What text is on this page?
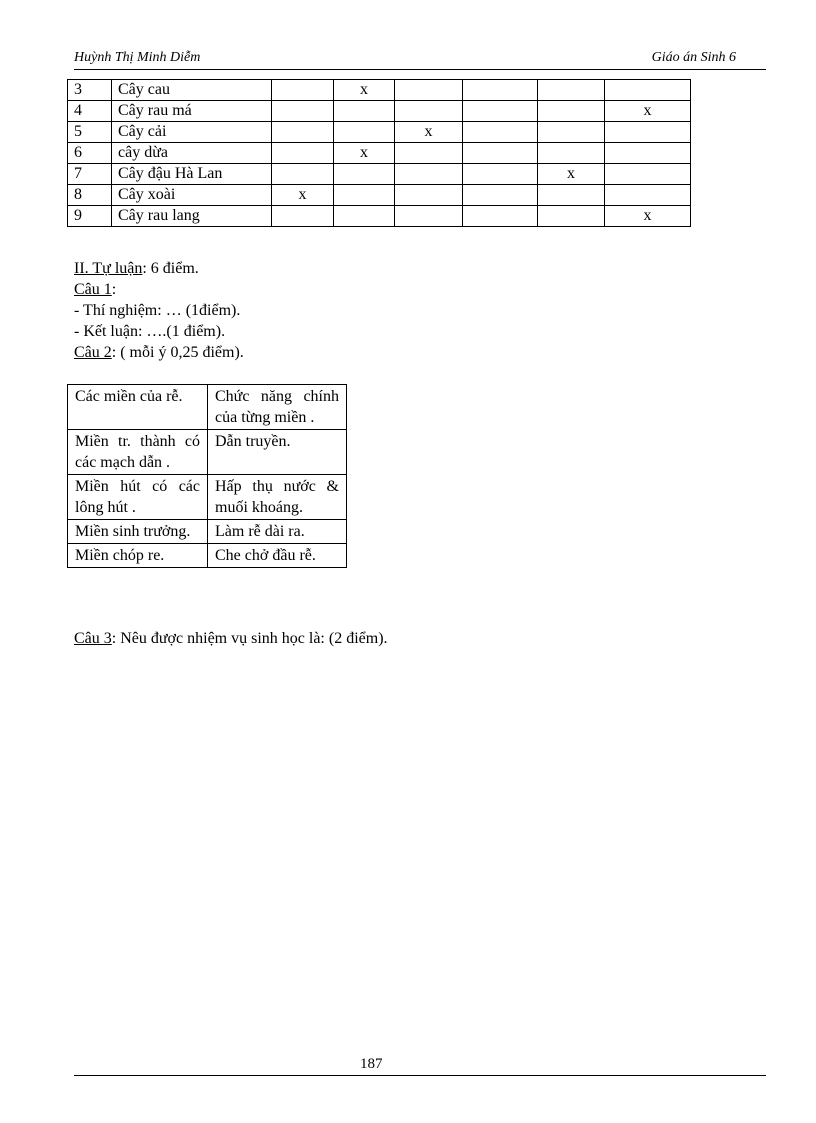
Huỳnh Thị Minh Diễm	Giáo án Sinh 6
3	Cây cau		x				
4	Cây rau má						x
5	Cây cải			x			
6	cây dừa		x				
7	Cây đậu Hà Lan					x	
8	Cây xoài	x					
9	Cây rau lang						x
II. Tự luận: 6 điểm.
Câu 1:
- Thí nghiệm: … (1điểm).
- Kết luận: ….(1 điểm).
Câu 2: ( mỗi ý 0,25 điểm).
Các miền của rễ.	Chức năng chính của từng miền .
Miền tr. thành có các mạch dẫn .	Dẫn truyền.
Miền hút có các lông hút .	Hấp thụ nước & muối khoáng.
Miền sinh trưởng.	Làm rễ dài ra.
Miền chóp re.	Che chở đầu rễ.
Câu 3: Nêu được nhiệm vụ sinh học là: (2 điểm).
187
